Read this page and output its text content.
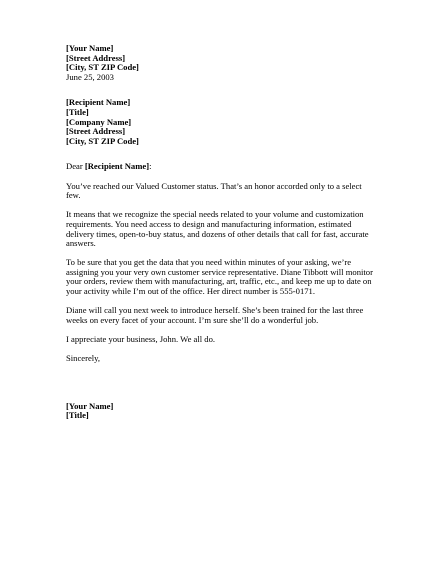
[Your Name]
[Street Address]
[City, ST ZIP Code]
June 25, 2003
[Recipient Name]
[Title]
[Company Name]
[Street Address]
[City, ST ZIP Code]
Dear [Recipient Name]:
You’ve reached our Valued Customer status. That’s an honor accorded only to a select
few.
It means that we recognize the special needs related to your volume and customization
requirements. You need access to design and manufacturing information, estimated
delivery times, open-to-buy status, and dozens of other details that call for fast, accurate
answers.
To be sure that you get the data that you need within minutes of your asking, we’re
assigning you your very own customer service representative. Diane Tibbott will monitor
your orders, review them with manufacturing, art, traffic, etc., and keep me up to date on
your activity while I’m out of the office. Her direct number is 555-0171.
Diane will call you next week to introduce herself. She’s been trained for the last three
weeks on every facet of your account. I’m sure she’ll do a wonderful job.
I appreciate your business, John. We all do.
Sincerely,
[Your Name]
[Title]
